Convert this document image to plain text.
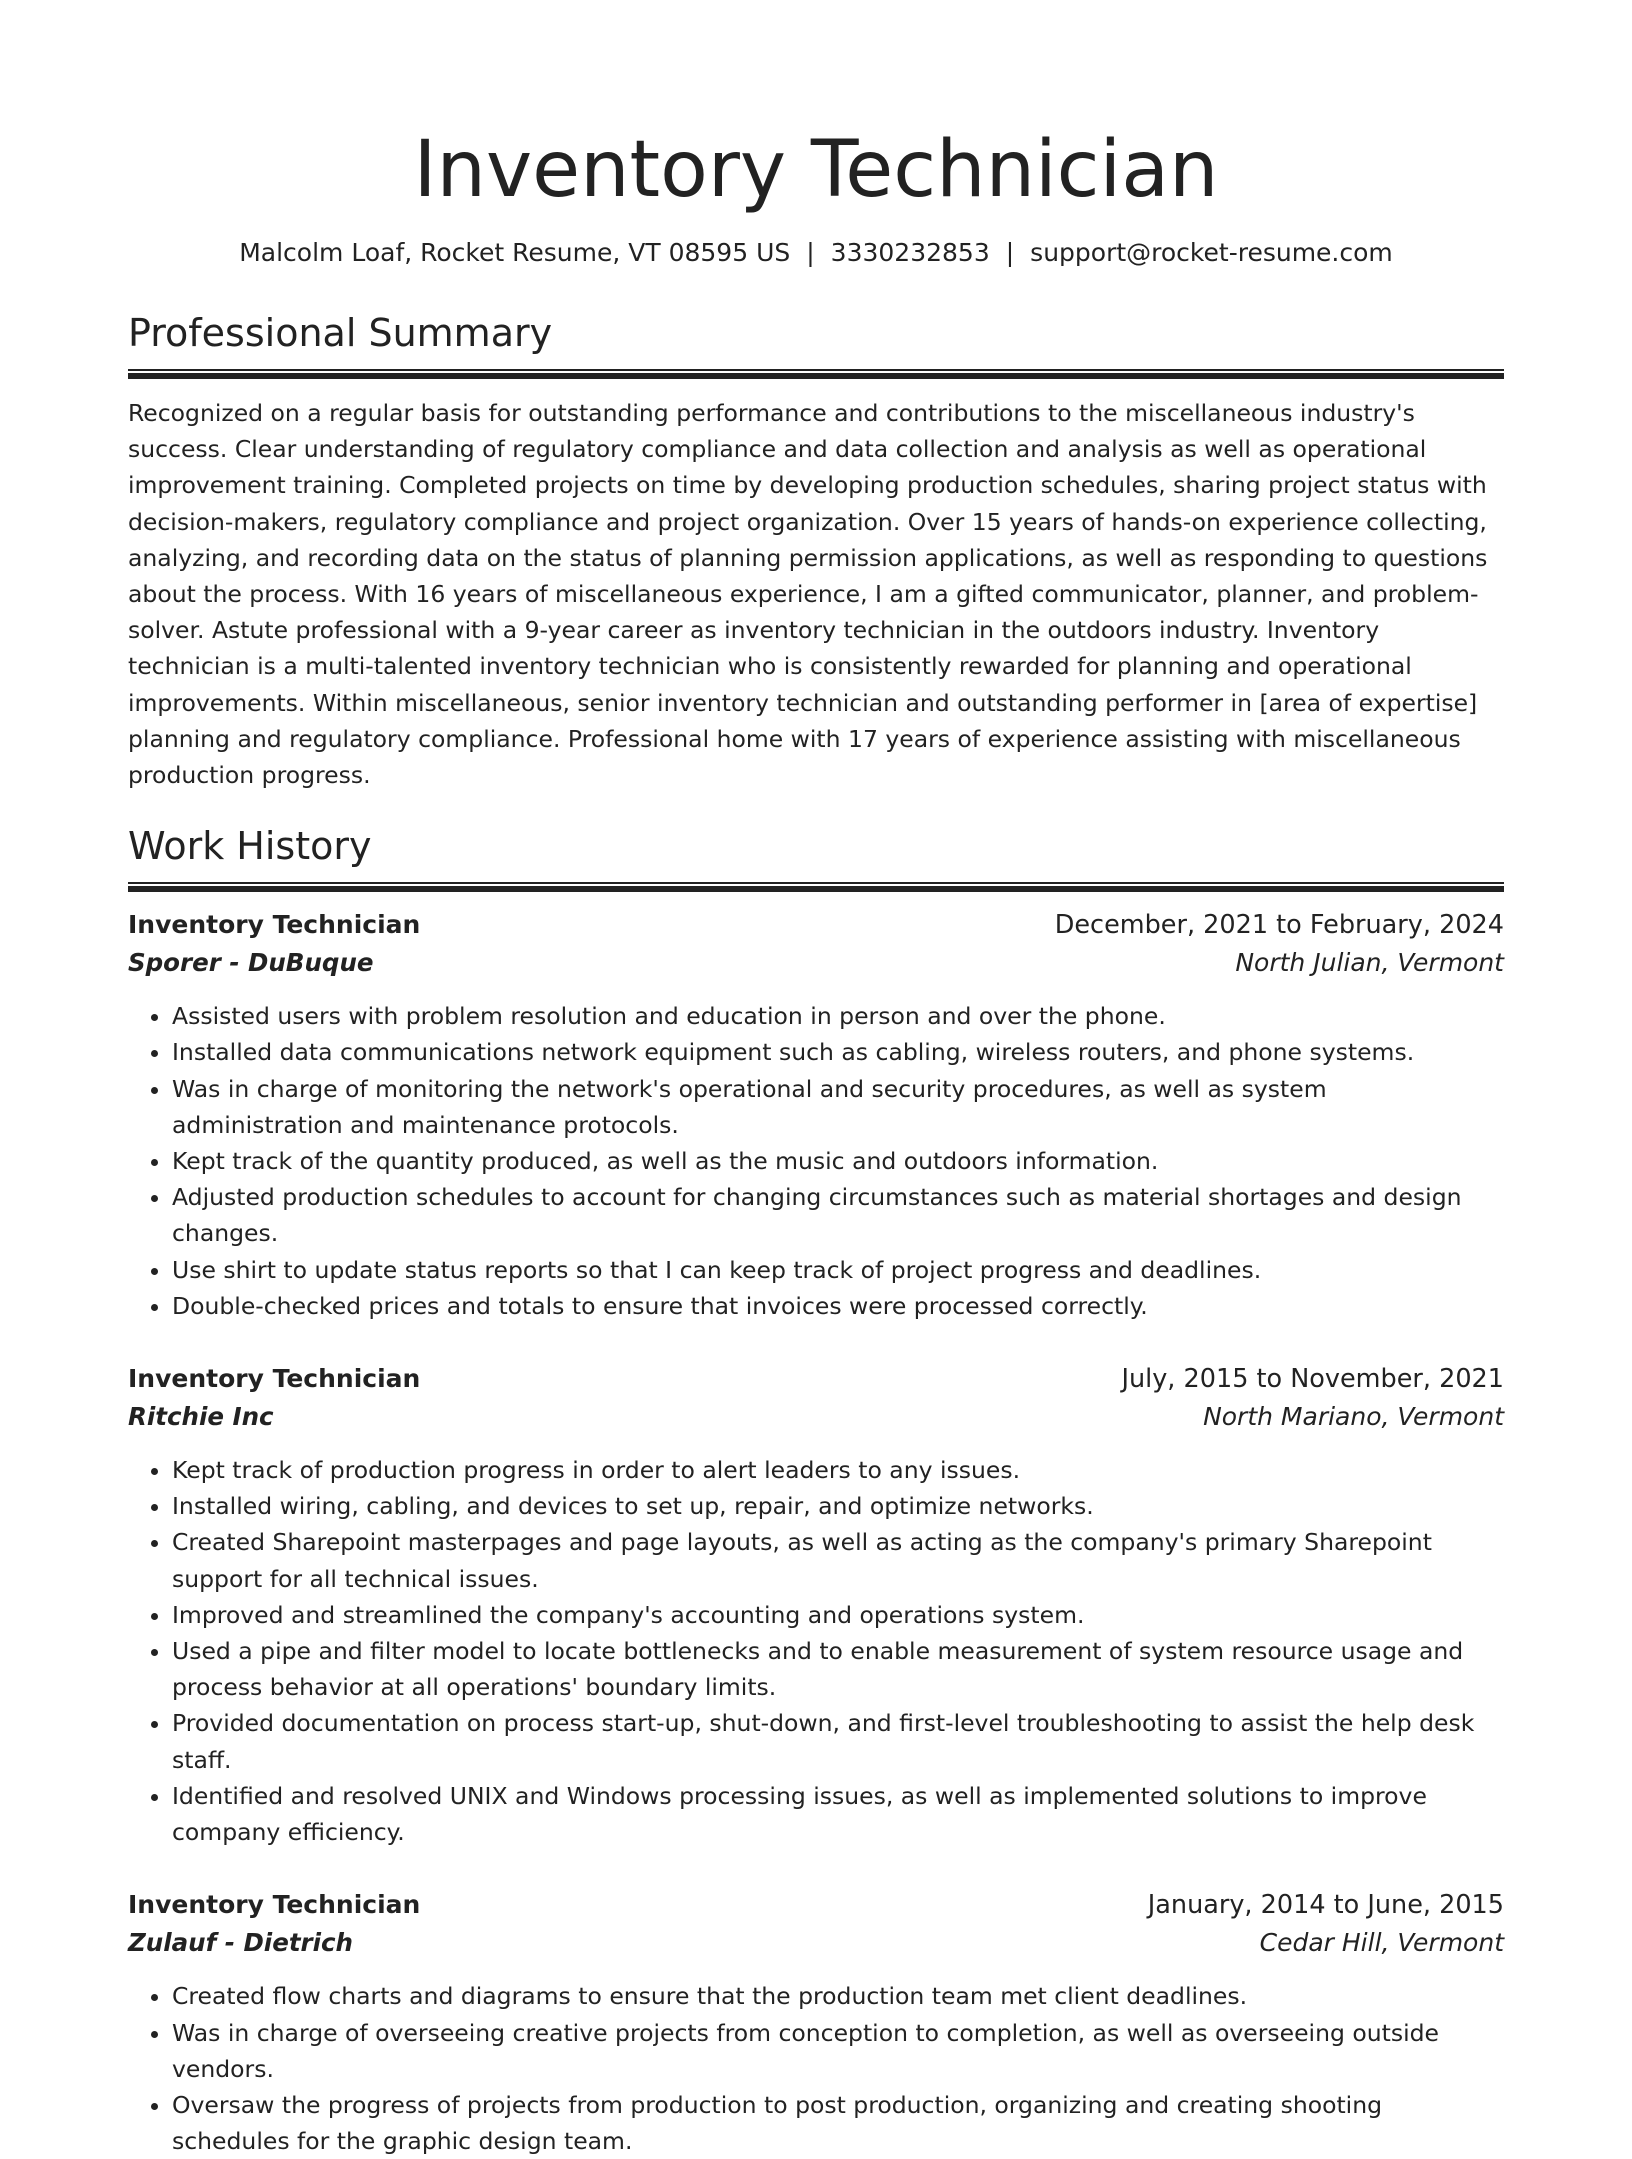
Inventory Technician
Malcolm Loaf, Rocket Resume, VT 08595 US | 3330232853 | support@rocket-resume.com
Professional Summary

Recognized on a regular basis for outstanding performance and contributions to the miscellaneous industry's success. Clear understanding of regulatory compliance and data collection and analysis as well as operational improvement training. Completed projects on time by developing production schedules, sharing project status with decision-makers, regulatory compliance and project organization. Over 15 years of hands-on experience collecting, analyzing, and recording data on the status of planning permission applications, as well as responding to questions about the process. With 16 years of miscellaneous experience, I am a gifted communicator, planner, and problem-solver. Astute professional with a 9-year career as inventory technician in the outdoors industry. Inventory technician is a multi-talented inventory technician who is consistently rewarded for planning and operational improvements. Within miscellaneous, senior inventory technician and outstanding performer in [area of expertise] planning and regulatory compliance. Professional home with 17 years of experience assisting with miscellaneous production progress.

Work History
Inventory Technician	December, 2021 to February, 2024
Sporer - DuBuque	North Julian, Vermont
• Assisted users with problem resolution and education in person and over the phone.
• Installed data communications network equipment such as cabling, wireless routers, and phone systems.
• Was in charge of monitoring the network's operational and security procedures, as well as system administration and maintenance protocols.
• Kept track of the quantity produced, as well as the music and outdoors information.
• Adjusted production schedules to account for changing circumstances such as material shortages and design changes.
• Use shirt to update status reports so that I can keep track of project progress and deadlines.
• Double-checked prices and totals to ensure that invoices were processed correctly.
Inventory Technician	July, 2015 to November, 2021
Ritchie Inc	North Mariano, Vermont
• Kept track of production progress in order to alert leaders to any issues.
• Installed wiring, cabling, and devices to set up, repair, and optimize networks.
• Created Sharepoint masterpages and page layouts, as well as acting as the company's primary Sharepoint support for all technical issues.
• Improved and streamlined the company's accounting and operations system.
• Used a pipe and filter model to locate bottlenecks and to enable measurement of system resource usage and process behavior at all operations' boundary limits.
• Provided documentation on process start-up, shut-down, and first-level troubleshooting to assist the help desk staff.
• Identified and resolved UNIX and Windows processing issues, as well as implemented solutions to improve company efficiency.
Inventory Technician	January, 2014 to June, 2015
Zulauf - Dietrich	Cedar Hill, Vermont
• Created flow charts and diagrams to ensure that the production team met client deadlines.
• Was in charge of overseeing creative projects from conception to completion, as well as overseeing outside vendors.
• Oversaw the progress of projects from production to post production, organizing and creating shooting schedules for the graphic design team.
